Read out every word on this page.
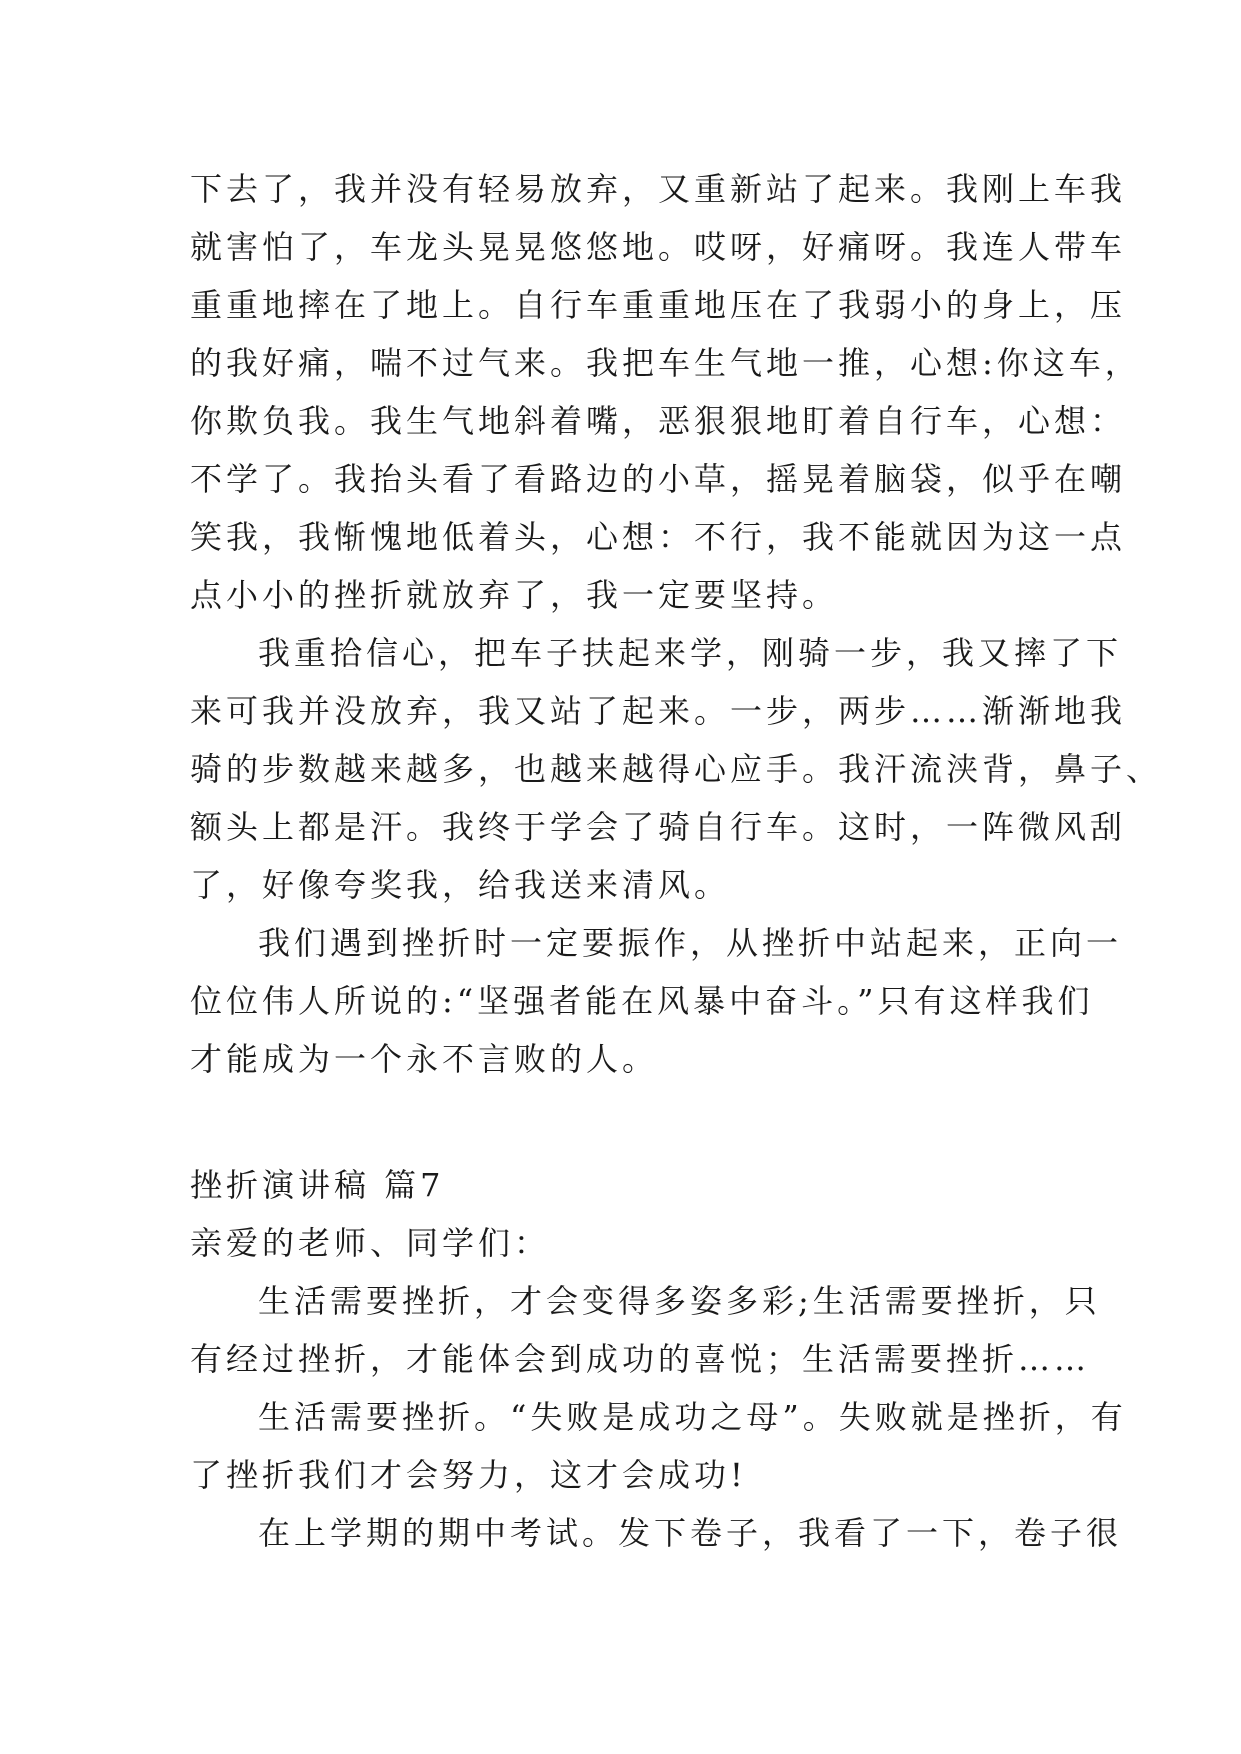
下去了，我并没有轻易放弃，又重新站了起来。我刚上车我
就害怕了，车龙头晃晃悠悠地。哎呀，好痛呀。我连人带车
重重地摔在了地上。自行车重重地压在了我弱小的身上，压
的我好痛，喘不过气来。我把车生气地一推，心想:你这车，
你欺负我。我生气地斜着嘴，恶狠狠地盯着自行车，心想：
不学了。我抬头看了看路边的小草，摇晃着脑袋，似乎在嘲
笑我，我惭愧地低着头，心想：不行，我不能就因为这一点
点小小的挫折就放弃了，我一定要坚持。

我重拾信心，把车子扶起来学，刚骑一步，我又摔了下
来可我并没放弃，我又站了起来。一步，两步……渐渐地我
骑的步数越来越多，也越来越得心应手。我汗流浃背，鼻子、
额头上都是汗。我终于学会了骑自行车。这时，一阵微风刮
了，好像夸奖我，给我送来清风。

我们遇到挫折时一定要振作，从挫折中站起来，正向一
位位伟人所说的:“坚强者能在风暴中奋斗。”只有这样我们
才能成为一个永不言败的人。

挫折演讲稿 篇7
亲爱的老师、同学们：

生活需要挫折，才会变得多姿多彩;生活需要挫折，只
有经过挫折，才能体会到成功的喜悦；生活需要挫折……

生活需要挫折。“失败是成功之母”。失败就是挫折，有
了挫折我们才会努力，这才会成功!

在上学期的期中考试。发下卷子，我看了一下，卷子很
